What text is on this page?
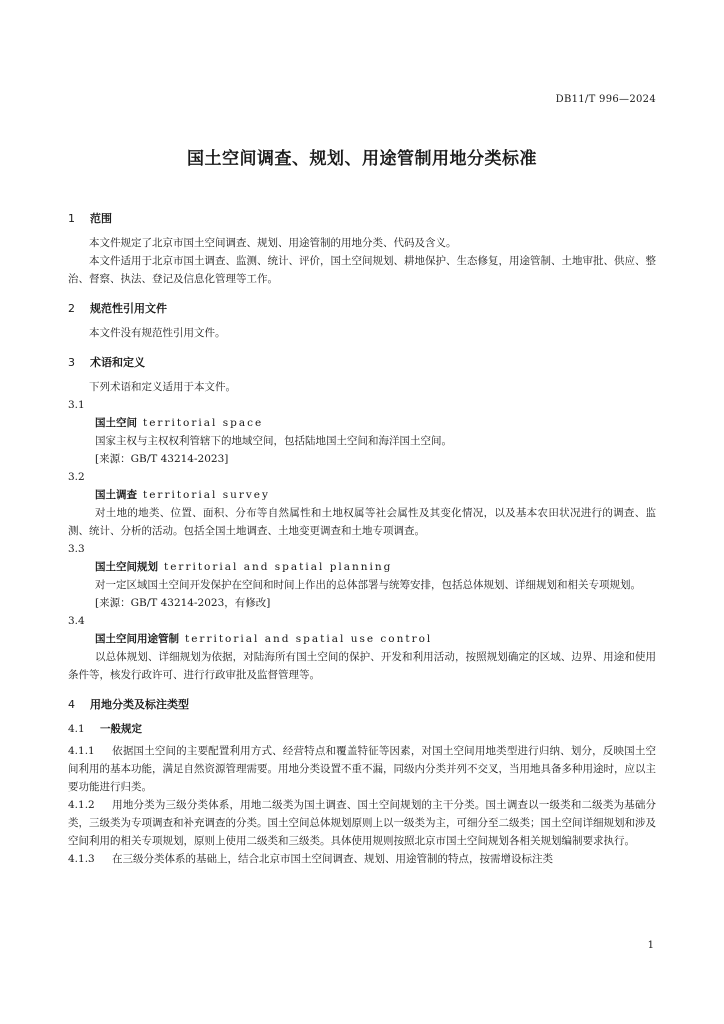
DB11/T 996—2024
国土空间调查、规划、用途管制用地分类标准
1 范围

本文件规定了北京市国土空间调查、规划、用途管制的用地分类、代码及含义。

本文件适用于北京市国土调查、监测、统计、评价，国土空间规划、耕地保护、生态修复，用途管制、土地审批、供应、整治、督察、执法、登记及信息化管理等工作。

2 规范性引用文件

本文件没有规范性引用文件。

3 术语和定义

下列术语和定义适用于本文件。

3.1

国土空间 territorial space

国家主权与主权权利管辖下的地域空间，包括陆地国土空间和海洋国土空间。

[来源：GB/T 43214-2023]

3.2

国土调查 territorial survey

对土地的地类、位置、面积、分布等自然属性和土地权属等社会属性及其变化情况，以及基本农田状况进行的调查、监测、统计、分析的活动。包括全国土地调查、土地变更调查和土地专项调查。

3.3

国土空间规划 territorial and spatial planning

对一定区域国土空间开发保护在空间和时间上作出的总体部署与统筹安排，包括总体规划、详细规划和相关专项规划。

[来源：GB/T 43214-2023，有修改]

3.4

国土空间用途管制 territorial and spatial use control

以总体规划、详细规划为依据，对陆海所有国土空间的保护、开发和利用活动，按照规划确定的区域、边界、用途和使用条件等，核发行政许可、进行行政审批及监督管理等。

4 用地分类及标注类型
4.1 一般规定

4.1.1 依据国土空间的主要配置利用方式、经营特点和覆盖特征等因素，对国土空间用地类型进行归纳、划分，反映国土空间利用的基本功能，满足自然资源管理需要。用地分类设置不重不漏，同级内分类并列不交叉，当用地具备多种用途时，应以主要功能进行归类。

4.1.2 用地分类为三级分类体系，用地二级类为国土调查、国土空间规划的主干分类。国土调查以一级类和二级类为基础分类，三级类为专项调查和补充调查的分类。国土空间总体规划原则上以一级类为主，可细分至二级类；国土空间详细规划和涉及空间利用的相关专项规划，原则上使用二级类和三级类。具体使用规则按照北京市国土空间规划各相关规划编制要求执行。

4.1.3 在三级分类体系的基础上，结合北京市国土空间调查、规划、用途管制的特点，按需增设标注类

1
